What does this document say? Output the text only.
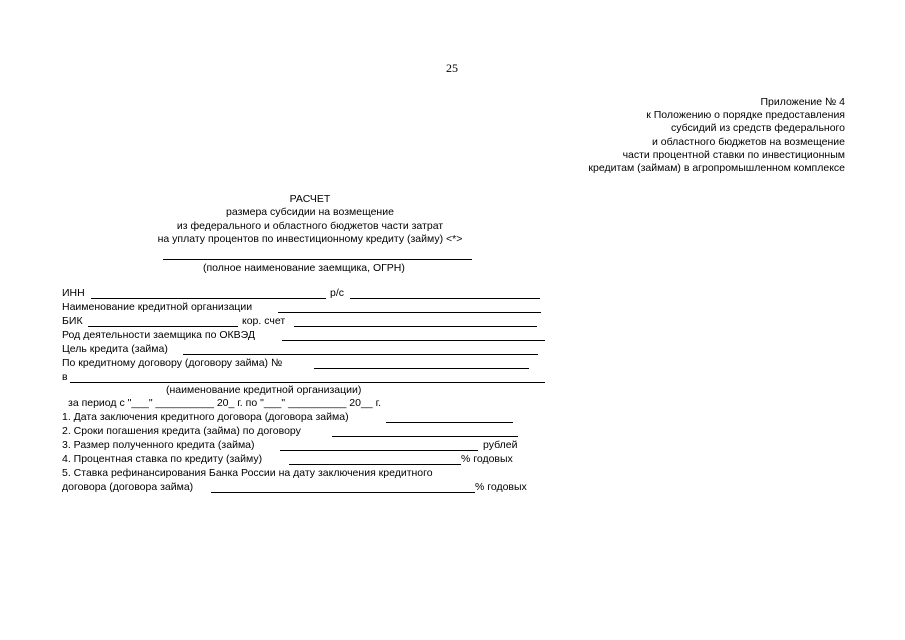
25
Приложение № 4
к Положению о порядке предоставления
субсидий из средств федерального
и областного бюджетов на возмещение
части процентной ставки по инвестиционным
кредитам (займам) в агропромышленном комплексе
РАСЧЕТ
размера субсидии на возмещение
из федерального и областного бюджетов части затрат
на уплату процентов по инвестиционному кредиту (займу) <*>
(полное наименование заемщика, ОГРН)
ИНН	р/с
Наименование кредитной организации
БИК	кор. счет
Род деятельности заемщика по ОКВЭД
Цель кредита (займа)
По кредитному договору (договору займа) №
в
(наименование кредитной организации)
за период с "___" __________ 20_ г. по "___" __________ 20__ г.
1. Дата заключения кредитного договора (договора займа)
2. Сроки погашения кредита (займа) по договору
3. Размер полученного кредита (займа)	рублей
4. Процентная ставка по кредиту (займу)	% годовых
5. Ставка рефинансирования Банка России на дату заключения кредитного
договора (договора займа)	% годовых
